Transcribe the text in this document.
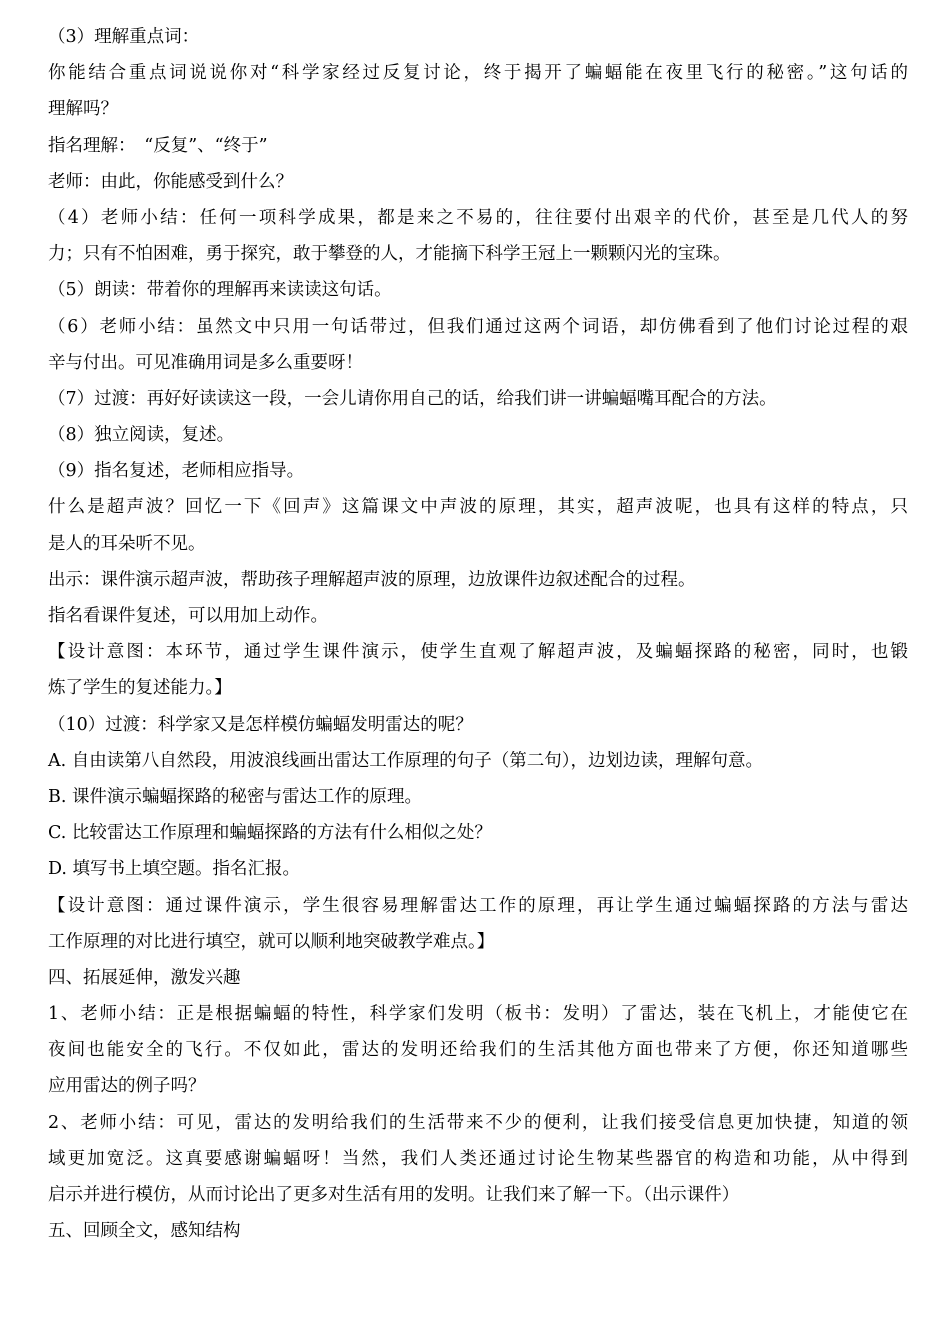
（3）理解重点词：
你能结合重点词说说你对“科学家经过反复讨论，终于揭开了蝙蝠能在夜里飞行的秘密。”这句话的
理解吗？
指名理解：　“反复”、“终于”
老师：由此，你能感受到什么？
（4）老师小结：任何一项科学成果，都是来之不易的，往往要付出艰辛的代价，甚至是几代人的努
力；只有不怕困难，勇于探究，敢于攀登的人，才能摘下科学王冠上一颗颗闪光的宝珠。
（5）朗读：带着你的理解再来读读这句话。
（6）老师小结：虽然文中只用一句话带过，但我们通过这两个词语，却仿佛看到了他们讨论过程的艰
辛与付出。可见准确用词是多么重要呀！
（7）过渡：再好好读读这一段，一会儿请你用自己的话，给我们讲一讲蝙蝠嘴耳配合的方法。
（8）独立阅读，复述。
（9）指名复述，老师相应指导。
什么是超声波？回忆一下《回声》这篇课文中声波的原理，其实，超声波呢，也具有这样的特点，只
是人的耳朵听不见。
出示：课件演示超声波，帮助孩子理解超声波的原理，边放课件边叙述配合的过程。
指名看课件复述，可以用加上动作。
【设计意图：本环节，通过学生课件演示，使学生直观了解超声波，及蝙蝠探路的秘密，同时，也锻
炼了学生的复述能力。】
（10）过渡：科学家又是怎样模仿蝙蝠发明雷达的呢？
A. 自由读第八自然段，用波浪线画出雷达工作原理的句子（第二句），边划边读，理解句意。
B. 课件演示蝙蝠探路的秘密与雷达工作的原理。
C. 比较雷达工作原理和蝙蝠探路的方法有什么相似之处？
D. 填写书上填空题。指名汇报。
【设计意图：通过课件演示，学生很容易理解雷达工作的原理，再让学生通过蝙蝠探路的方法与雷达
工作原理的对比进行填空，就可以顺利地突破教学难点。】
四、拓展延伸，激发兴趣
1、老师小结：正是根据蝙蝠的特性，科学家们发明（板书：发明）了雷达，装在飞机上，才能使它在
夜间也能安全的飞行。不仅如此，雷达的发明还给我们的生活其他方面也带来了方便，你还知道哪些
应用雷达的例子吗？
2、老师小结：可见，雷达的发明给我们的生活带来不少的便利，让我们接受信息更加快捷，知道的领
域更加宽泛。这真要感谢蝙蝠呀！当然，我们人类还通过讨论生物某些器官的构造和功能，从中得到
启示并进行模仿，从而讨论出了更多对生活有用的发明。让我们来了解一下。（出示课件）
五、回顾全文，感知结构
